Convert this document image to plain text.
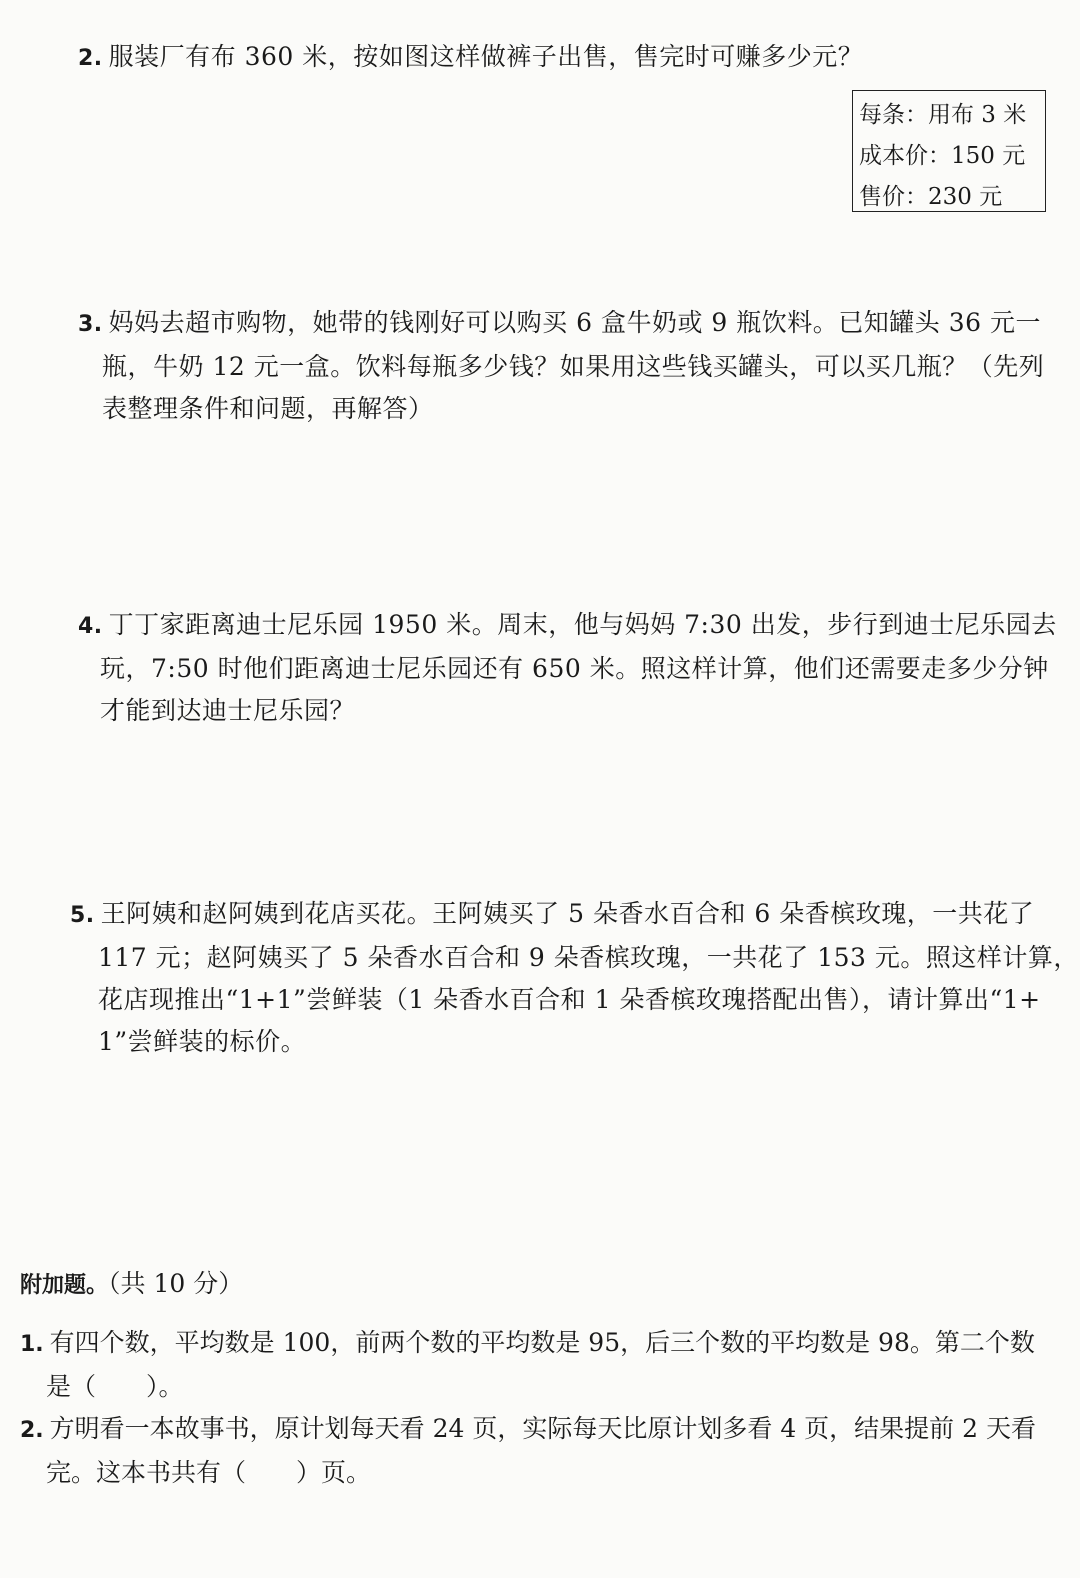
2. 服装厂有布 360 米，按如图这样做裤子出售，售完时可赚多少元？
每条：用布 3 米
成本价：150 元
售价：230 元
3. 妈妈去超市购物，她带的钱刚好可以购买 6 盒牛奶或 9 瓶饮料。已知罐头 36 元一
瓶，牛奶 12 元一盒。饮料每瓶多少钱？如果用这些钱买罐头，可以买几瓶？（先列
表整理条件和问题，再解答）
4. 丁丁家距离迪士尼乐园 1950 米。周末，他与妈妈 7:30 出发，步行到迪士尼乐园去
玩，7:50 时他们距离迪士尼乐园还有 650 米。照这样计算，他们还需要走多少分钟
才能到达迪士尼乐园？
5. 王阿姨和赵阿姨到花店买花。王阿姨买了 5 朵香水百合和 6 朵香槟玫瑰，一共花了
117 元；赵阿姨买了 5 朵香水百合和 9 朵香槟玫瑰，一共花了 153 元。照这样计算，
花店现推出“1+1”尝鲜装（1 朵香水百合和 1 朵香槟玫瑰搭配出售），请计算出“1+
1”尝鲜装的标价。
附加题。（共 10 分）
1. 有四个数，平均数是 100，前两个数的平均数是 95，后三个数的平均数是 98。第二个数
是（　　）。
2. 方明看一本故事书，原计划每天看 24 页，实际每天比原计划多看 4 页，结果提前 2 天看
完。这本书共有（　　）页。
